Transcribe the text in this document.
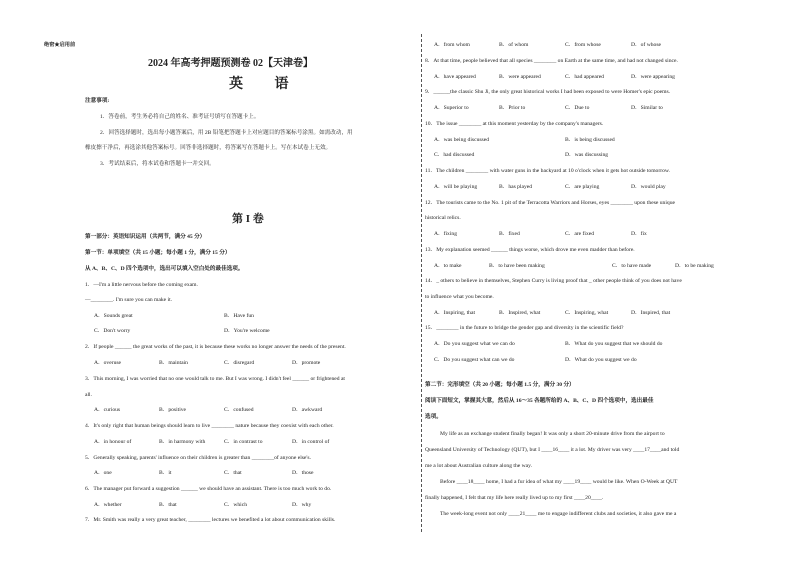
绝密★启用前
2024 年高考押题预测卷 02【天津卷】
英 语
注意事项:
1．答卷前，考生务必将自己的姓名、准考证号填写在答题卡上。
2．回答选择题时，选出每小题答案后，用 2B 铅笔把答题卡上对应题目的答案标号涂黑。如需改动，用
橡皮擦干净后，再选涂其他答案标号。回答非选择题时，将答案写在答题卡上。写在本试卷上无效。
3．考试结束后，将本试卷和答题卡一并交回。
第 I 卷
第一部分：英语知识运用（共两节，满分 45 分）
第一节：单项填空（共 15 小题；每小题 1 分，满分 15 分）
从 A、B、C、D 四个选项中，选出可以填入空白处的最佳选项。
1．—I'm a little nervous before the coming exam.
—________. I'm sure you can make it.
A．Sounds great	B．Have fun
C．Don't worry	D．You're welcome
2．If people ______ the great works of the past, it is because these works no longer answer the needs of the present.
A．overuse	B．maintain	C．disregard	D．promote
3．This morning, I was worried that no one would talk to me. But I was wrong. I didn't feel ______ or frightened at
all.
A．curious	B．positive	C．confused	D．awkward
4．It's only right that human beings should learn to live ________ nature because they coexist with each other.
A．in honour of	B．in harmony with	C．in contrast to	D．in control of
5．Generally speaking, parents' influence on their children is greater than ________of anyone else's.
A．one	B．it	C．that	D．those
6．The manager put forward a suggestion ______ we should have an assistant. There is too much work to do.
A．whether	B．that	C．which	D．why
7．Mr. Smith was really a very great teacher, ________ lectures we benefited a lot about communication skills.
A．from whom	B．of whom	C．from whose	D．of whose
8．At that time, people believed that all species ________ on Earth at the same time, and had not changed since.
A．have appeared	B．were appeared	C．had appeared	D．were appearing
9．______the classic Shu Ji, the only great historical works I had been exposed to were Homer's epic poems.
A．Superior to	B．Prior to	C．Due to	D．Similar to
10．The issue ________ at this moment yesterday by the company's managers.
A．was being discussed	B．is being discussed
C．had discussed	D．was discussing
11．The children ________ with water guns in the backyard at 10 o'clock when it gets hot outside tomorrow.
A．will be playing	B．has played	C．are playing	D．would play
12．The tourists came to the No. 1 pit of the Terracotta Warriors and Horses, eyes ________ upon these unique
historical relics.
A．fixing	B．fixed	C．are fixed	D．fix
13．My explanation seemed ______ things worse, which drove me even madder than before.
A．to make	B．to have been making	C．to have made	D．to be making
14．_ others to believe in themselves, Stephen Curry is living proof that _ other people think of you does not have
to influence what you become.
A．Inspiring, that	B．Inspired, what	C．Inspiring, what	D．Inspired, that
15．________ in the future to bridge the gender gap and diversity in the scientific field?
A．Do you suggest what we can do	B．What do you suggest that we should do
C．Do you suggest what can we do	D．What do you suggest we do
第二节：完形填空（共 20 小题；每小题 1.5 分，满分 30 分）
阅读下面短文，掌握其大意，然后从 16～35 各题所给的 A、B、C、D 四个选项中，选出最佳
选项。
My life as an exchange student finally began! It was only a short 20-minute drive from the airport to
Queensland University of Technology (QUT), but I ____16____ it a lot. My driver was very ____17____and told
me a lot about Australian culture along the way.
Before ____18____ home, I had a fur idea of what my ____19____ would be like. When O-Week at QUT
finally happened, I felt that my life here really lived up to my first ____20____.
The week-long event not only ____21____ me to engage indifferent clubs and societies, it also gave me a
